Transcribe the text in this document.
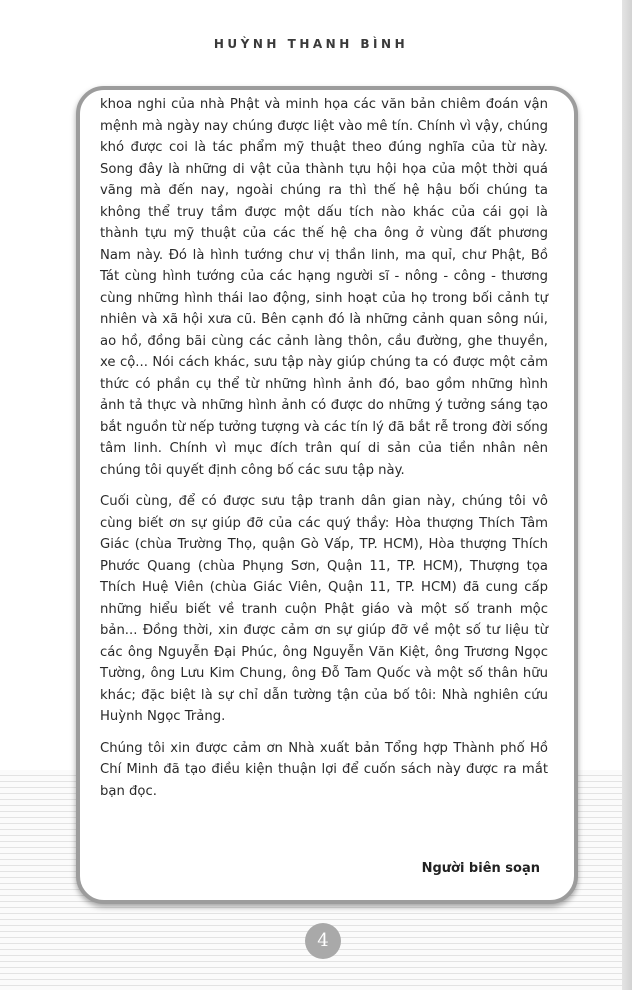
HUỲNH THANH BÌNH

khoa nghi của nhà Phật và minh họa các văn bản chiêm đoán vận mệnh mà ngày nay chúng được liệt vào mê tín. Chính vì vậy, chúng khó được coi là tác phẩm mỹ thuật theo đúng nghĩa của từ này. Song đây là những di vật của thành tựu hội họa của một thời quá vãng mà đến nay, ngoài chúng ra thì thế hệ hậu bối chúng ta không thể truy tầm được một dấu tích nào khác của cái gọi là thành tựu mỹ thuật của các thế hệ cha ông ở vùng đất phương Nam này. Đó là hình tướng chư vị thần linh, ma quỉ, chư Phật, Bồ Tát cùng hình tướng của các hạng người sĩ - nông - công - thương cùng những hình thái lao động, sinh hoạt của họ trong bối cảnh tự nhiên và xã hội xưa cũ. Bên cạnh đó là những cảnh quan sông núi, ao hồ, đồng bãi cùng các cảnh làng thôn, cầu đường, ghe thuyền, xe cộ... Nói cách khác, sưu tập này giúp chúng ta có được một cảm thức có phần cụ thể từ những hình ảnh đó, bao gồm những hình ảnh tả thực và những hình ảnh có được do những ý tưởng sáng tạo bắt nguồn từ nếp tưởng tượng và các tín lý đã bắt rễ trong đời sống tâm linh. Chính vì mục đích trân quí di sản của tiền nhân nên chúng tôi quyết định công bố các sưu tập này.

Cuối cùng, để có được sưu tập tranh dân gian này, chúng tôi vô cùng biết ơn sự giúp đỡ của các quý thầy: Hòa thượng Thích Tâm Giác (chùa Trường Thọ, quận Gò Vấp, TP. HCM), Hòa thượng Thích Phước Quang (chùa Phụng Sơn, Quận 11, TP. HCM), Thượng tọa Thích Huệ Viên (chùa Giác Viên, Quận 11, TP. HCM) đã cung cấp những hiểu biết về tranh cuộn Phật giáo và một số tranh mộc bản... Đồng thời, xin được cảm ơn sự giúp đỡ về một số tư liệu từ các ông Nguyễn Đại Phúc, ông Nguyễn Văn Kiệt, ông Trương Ngọc Tường, ông Lưu Kim Chung, ông Đỗ Tam Quốc và một số thân hữu khác; đặc biệt là sự chỉ dẫn tường tận của bố tôi: Nhà nghiên cứu Huỳnh Ngọc Trảng.

Chúng tôi xin được cảm ơn Nhà xuất bản Tổng hợp Thành phố Hồ Chí Minh đã tạo điều kiện thuận lợi để cuốn sách này được ra mắt bạn đọc.

Người biên soạn
4
